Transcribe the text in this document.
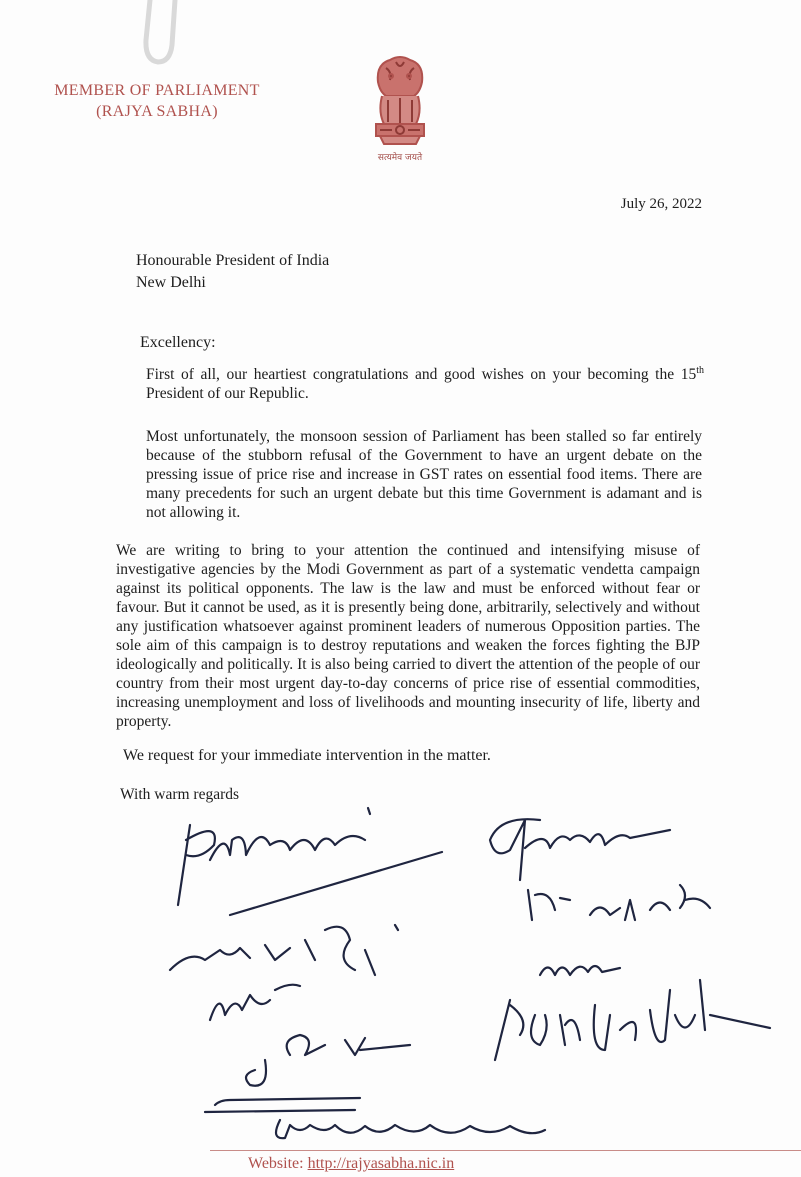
MEMBER OF PARLIAMENT
(RAJYA SABHA)
सत्यमेव जयते
July 26, 2022
Honourable President of India
New Delhi
Excellency:
First of all, our heartiest congratulations and good wishes on your becoming the 15th President of our Republic.
Most unfortunately, the monsoon session of Parliament has been stalled so far entirely because of the stubborn refusal of the Government to have an urgent debate on the pressing issue of price rise and increase in GST rates on essential food items. There are many precedents for such an urgent debate but this time Government is adamant and is not allowing it.
We are writing to bring to your attention the continued and intensifying misuse of investigative agencies by the Modi Government as part of a systematic vendetta campaign against its political opponents. The law is the law and must be enforced without fear or favour. But it cannot be used, as it is presently being done, arbitrarily, selectively and without any justification whatsoever against prominent leaders of numerous Opposition parties. The sole aim of this campaign is to destroy reputations and weaken the forces fighting the BJP ideologically and politically. It is also being carried to divert the attention of the people of our country from their most urgent day-to-day concerns of price rise of essential commodities, increasing unemployment and loss of livelihoods and mounting insecurity of life, liberty and property.
We request for your immediate intervention in the matter.
With warm regards
Website: http://rajyasabha.nic.in
